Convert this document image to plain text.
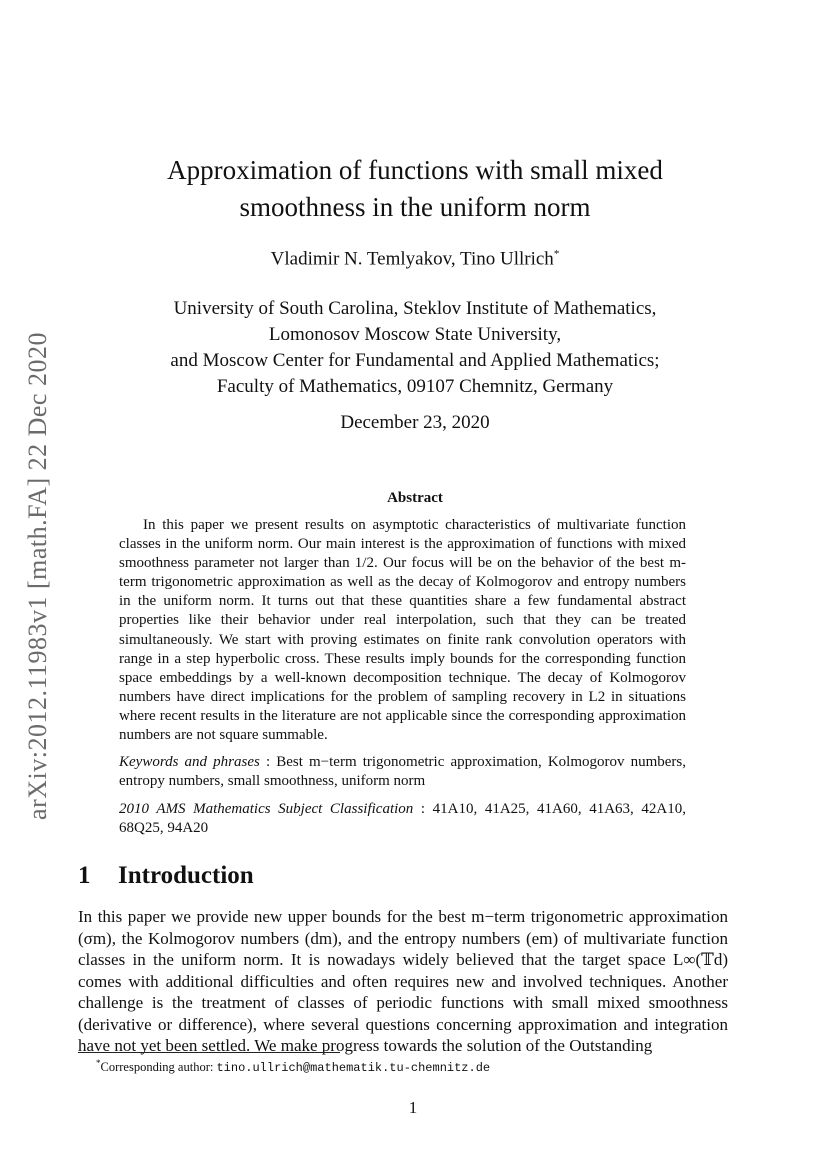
arXiv:2012.11983v1 [math.FA] 22 Dec 2020
Approximation of functions with small mixed
smoothness in the uniform norm
Vladimir N. Temlyakov, Tino Ullrich*
University of South Carolina, Steklov Institute of Mathematics,
Lomonosov Moscow State University,
and Moscow Center for Fundamental and Applied Mathematics;
Faculty of Mathematics, 09107 Chemnitz, Germany
December 23, 2020
Abstract

In this paper we present results on asymptotic characteristics of multivariate function classes in the uniform norm. Our main interest is the approximation of functions with mixed smoothness parameter not larger than 1/2. Our focus will be on the behavior of the best m-term trigonometric approximation as well as the decay of Kolmogorov and entropy numbers in the uniform norm. It turns out that these quantities share a few fundamental abstract properties like their behavior under real interpolation, such that they can be treated simultaneously. We start with proving estimates on finite rank convolution operators with range in a step hyperbolic cross. These results imply bounds for the corresponding function space embeddings by a well-known decomposition technique. The decay of Kolmogorov numbers have direct implications for the problem of sampling recovery in L2 in situations where recent results in the literature are not applicable since the corresponding approximation numbers are not square summable.

Keywords and phrases : Best m−term trigonometric approximation, Kolmogorov numbers, entropy numbers, small smoothness, uniform norm

2010 AMS Mathematics Subject Classification : 41A10, 41A25, 41A60, 41A63, 42A10, 68Q25, 94A20

1 Introduction

In this paper we provide new upper bounds for the best m−term trigonometric approximation (σm), the Kolmogorov numbers (dm), and the entropy numbers (em) of multivariate function classes in the uniform norm. It is nowadays widely believed that the target space L∞(𝕋d) comes with additional difficulties and often requires new and involved techniques. Another challenge is the treatment of classes of periodic functions with small mixed smoothness (derivative or difference), where several questions concerning approximation and integration have not yet been settled. We make progress towards the solution of the Outstanding

*Corresponding author: tino.ullrich@mathematik.tu-chemnitz.de
1
